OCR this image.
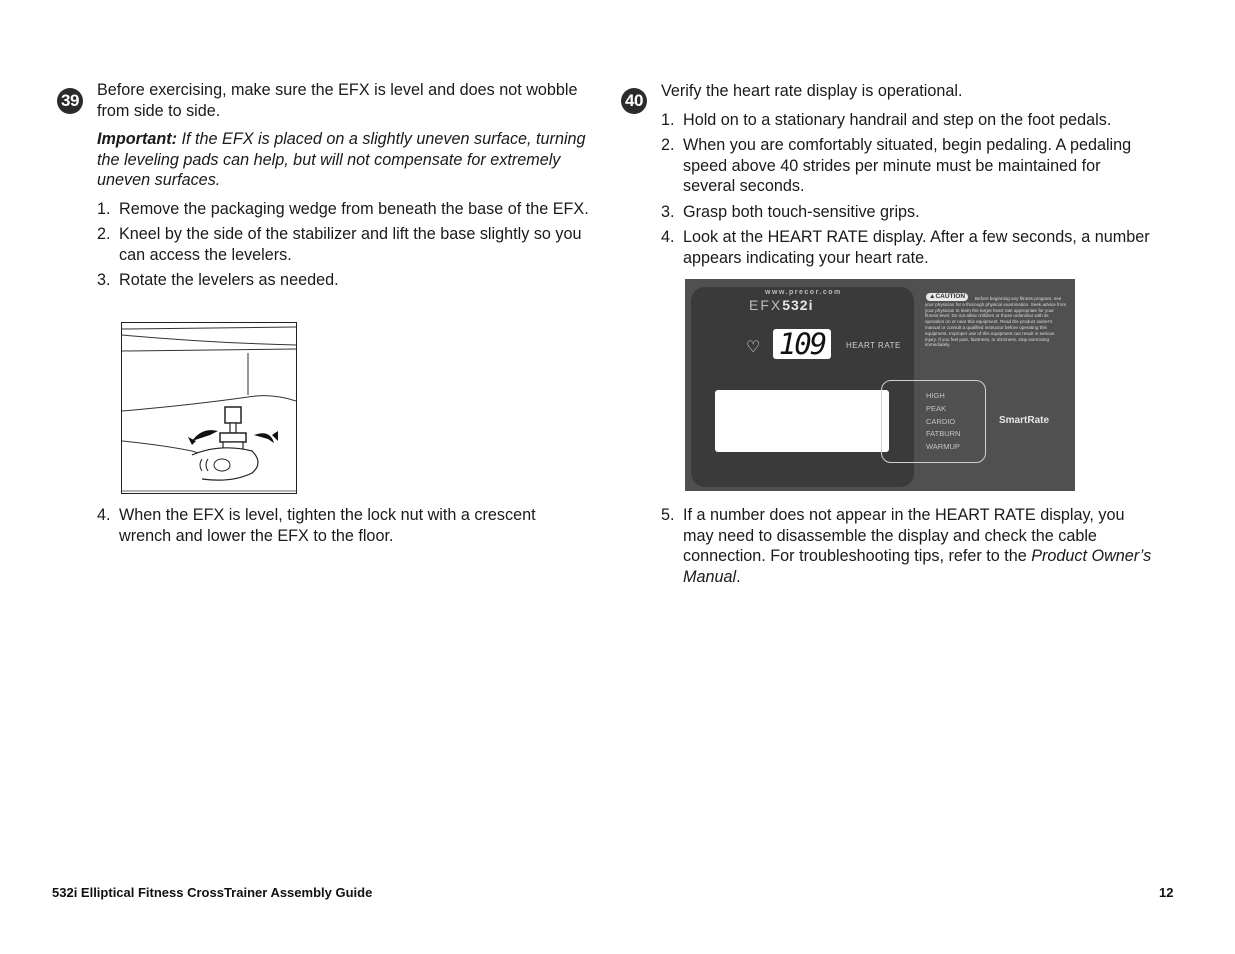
39

Before exercising, make sure the EFX is level and does not wobble from side to side.

Important: If the EFX is placed on a slightly uneven surface, turning the leveling pads can help, but will not compensate for extremely uneven surfaces.

1. Remove the packaging wedge from beneath the base of the EFX.
2. Kneel by the side of the stabilizer and lift the base slightly so you can access the levelers.
3. Rotate the levelers as needed.
4. When the EFX is level, tighten the lock nut with a crescent wrench and lower the EFX to the floor.
40 Verify the heart rate display is operational.

1. Hold on to a stationary handrail and step on the foot pedals.
2. When you are comfortably situated, begin pedaling. A pedaling speed above 40 strides per minute must be maintained for several seconds.
3. Grasp both touch-sensitive grips.
4. Look at the HEART RATE display. After a few seconds, a number appears indicating your heart rate.
www.precor.com
EFX532i
♡ 109	HEART RATE
Before beginning any fitness program, see your physician for a thorough physical examination. Seek advice from your physician to learn the target heart rate appropriate for your fitness level. Do not allow children or those unfamiliar with its operation on or near this equipment. Read the product owner's manual or consult a qualified instructor before operating this equipment. Improper use of this equipment can result in serious injury. If you feel pain, faintness, or dizziness, stop exercising immediately.
▲CAUTION
HIGH
PEAK
CARDIO
FATBURN
WARMUP
SmartRate
5. If a number does not appear in the HEART RATE display, you may need to disassemble the display and check the cable connection. For troubleshooting tips, refer to the Product Owner’s Manual.
532i Elliptical Fitness CrossTrainer Assembly Guide	12
